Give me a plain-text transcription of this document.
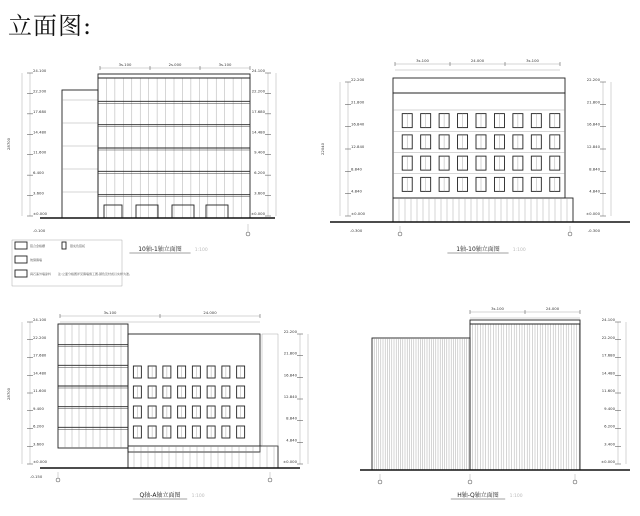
立面图:
3s.100	2s.000	3s.100
24.100
22.200
17.680
14.480
11.600
6.400
3.600
±0.000
-0.100
24.100
22.200
17.680
14.480
9.400
6.200
3.600
±0.000
28700
10轴-1轴立面图	1:100
铝合金格栅
玻璃幕墙
真石漆外墙涂料
银灰色铝板
注:立面分格图详见幕墙施工图,颜色及材质以实样为准。
3s.100	24.000	3s.100
22.200
21.800
16.840
12.840
8.840
4.840
±0.000
-0.300
22.200
21.800
16.840
12.840
8.840
4.840
±0.000
-0.300
22040
1轴-10轴立面图	1:100
3s.100	24.000
24.100
22.200
17.680
14.480
11.600
9.400
6.200
3.600
±0.000
-0.150
22.200
21.800
16.840
12.840
8.840
4.840
±0.000
28700
Q轴-A轴立面图 1:100
3s.100	24.000
24.100
22.200
17.680
14.480
11.600
9.400
6.200
3.400
±0.000
H轴-Q轴立面图 1:100
